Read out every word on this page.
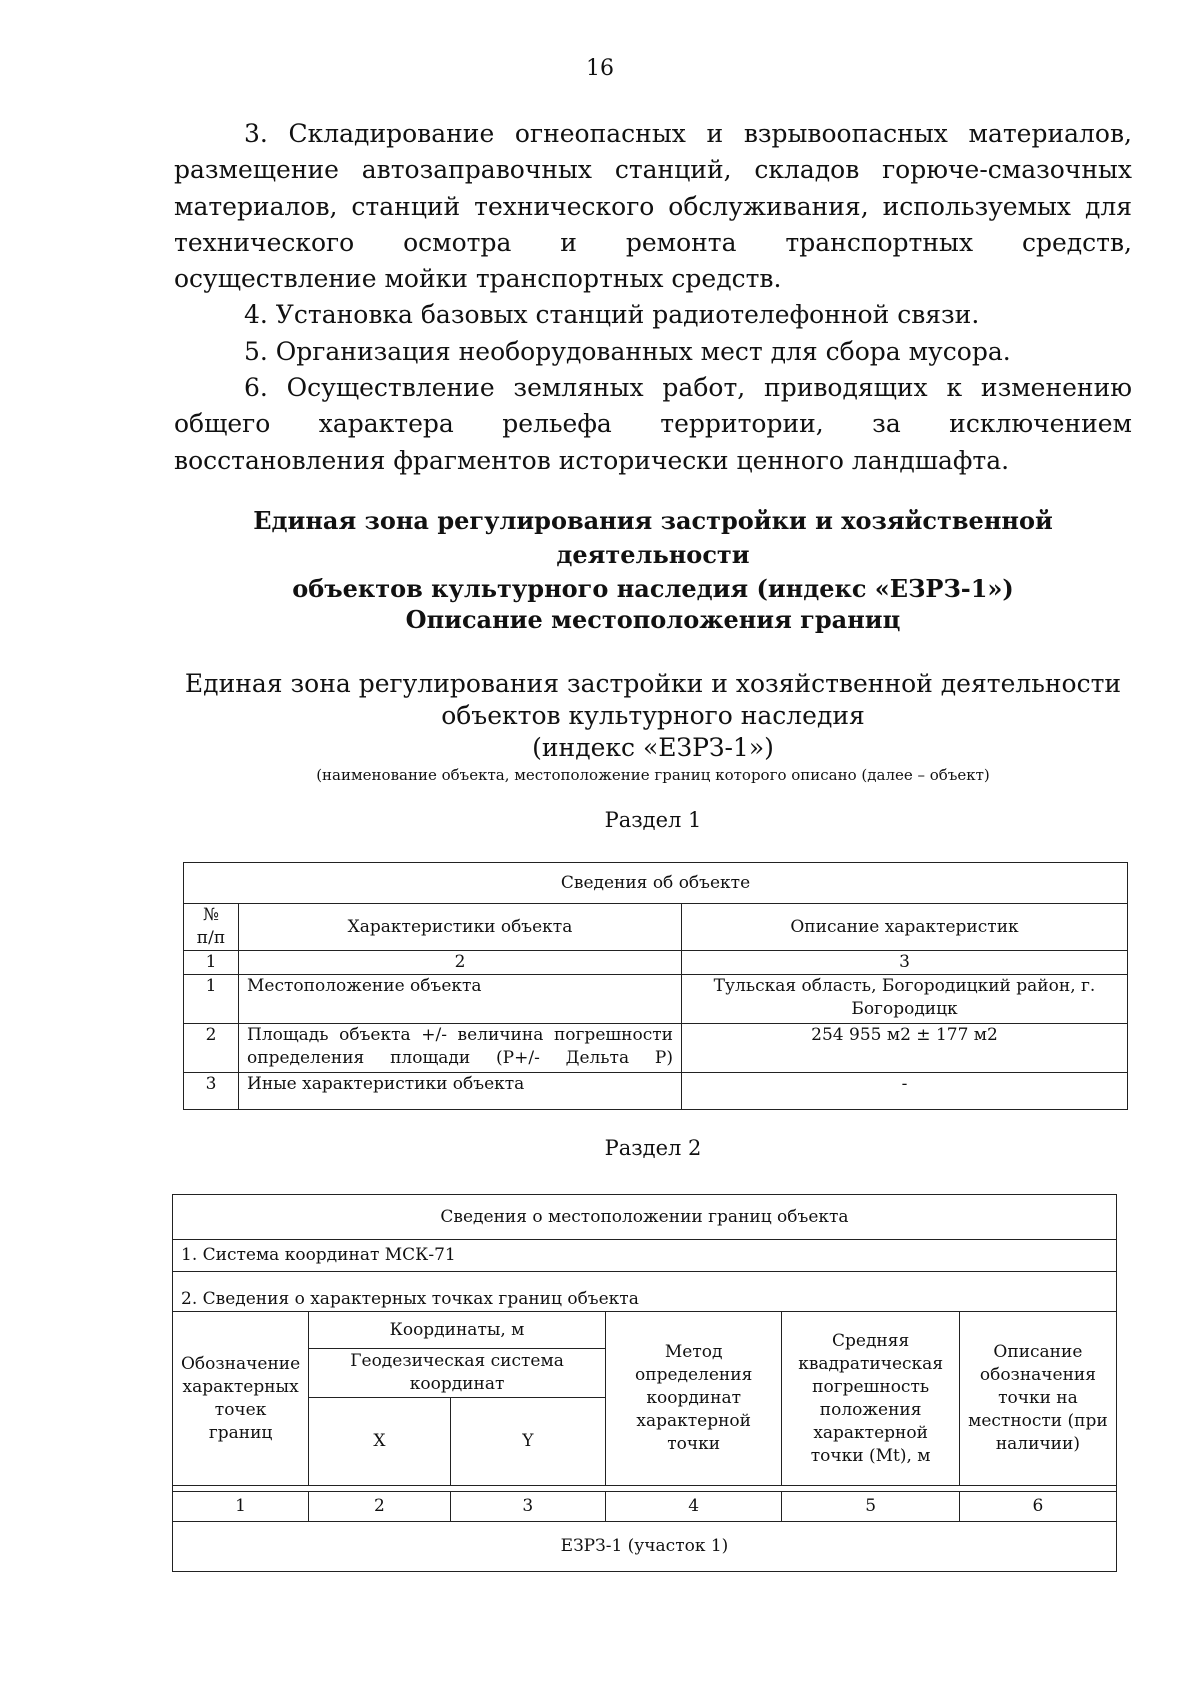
16

3. Складирование огнеопасных и взрывоопасных материалов, размещение автозаправочных станций, складов горюче-смазочных материалов, станций технического обслуживания, используемых для технического осмотра и ремонта транспортных средств, осуществление мойки транспортных средств.

4. Установка базовых станций радиотелефонной связи.

5. Организация необорудованных мест для сбора мусора.

6. Осуществление земляных работ, приводящих к изменению общего характера рельефа территории, за исключением восстановления фрагментов исторически ценного ландшафта.

Единая зона регулирования застройки и хозяйственной деятельности
объектов культурного наследия (индекс «ЕЗРЗ-1»)
Описание местоположения границ
Единая зона регулирования застройки и хозяйственной деятельности
объектов культурного наследия
(индекс «ЕЗРЗ-1»)
(наименование объекта, местоположение границ которого описано (далее – объект)
Раздел 1
Сведения об объекте		
№ п/п	Характеристики объекта	Описание характеристик
1	2	3
1	Местоположение объекта	Тульская область, Богородицкий район, г. Богородицк
2	Площадь объекта +/- величина погрешности определения площади (Р+/- Дельта Р)	254 955 м2 ± 177 м2
3	Иные характеристики объекта	-
Раздел 2
Сведения о местоположении границ объекта					
1. Система координат МСК-71					
2. Сведения о характерных точках границ объекта					
Обозначение характерных точек границ	Координаты, м		Метод определения координат характерной точки	Средняя квадратическая погрешность положения характерной точки (Mt), м	Описание обозначения точки на местности (при наличии)
	Геодезическая система координат				
	X	Y			

1	2	3	4	5	6
ЕЗРЗ-1 (участок 1)					
